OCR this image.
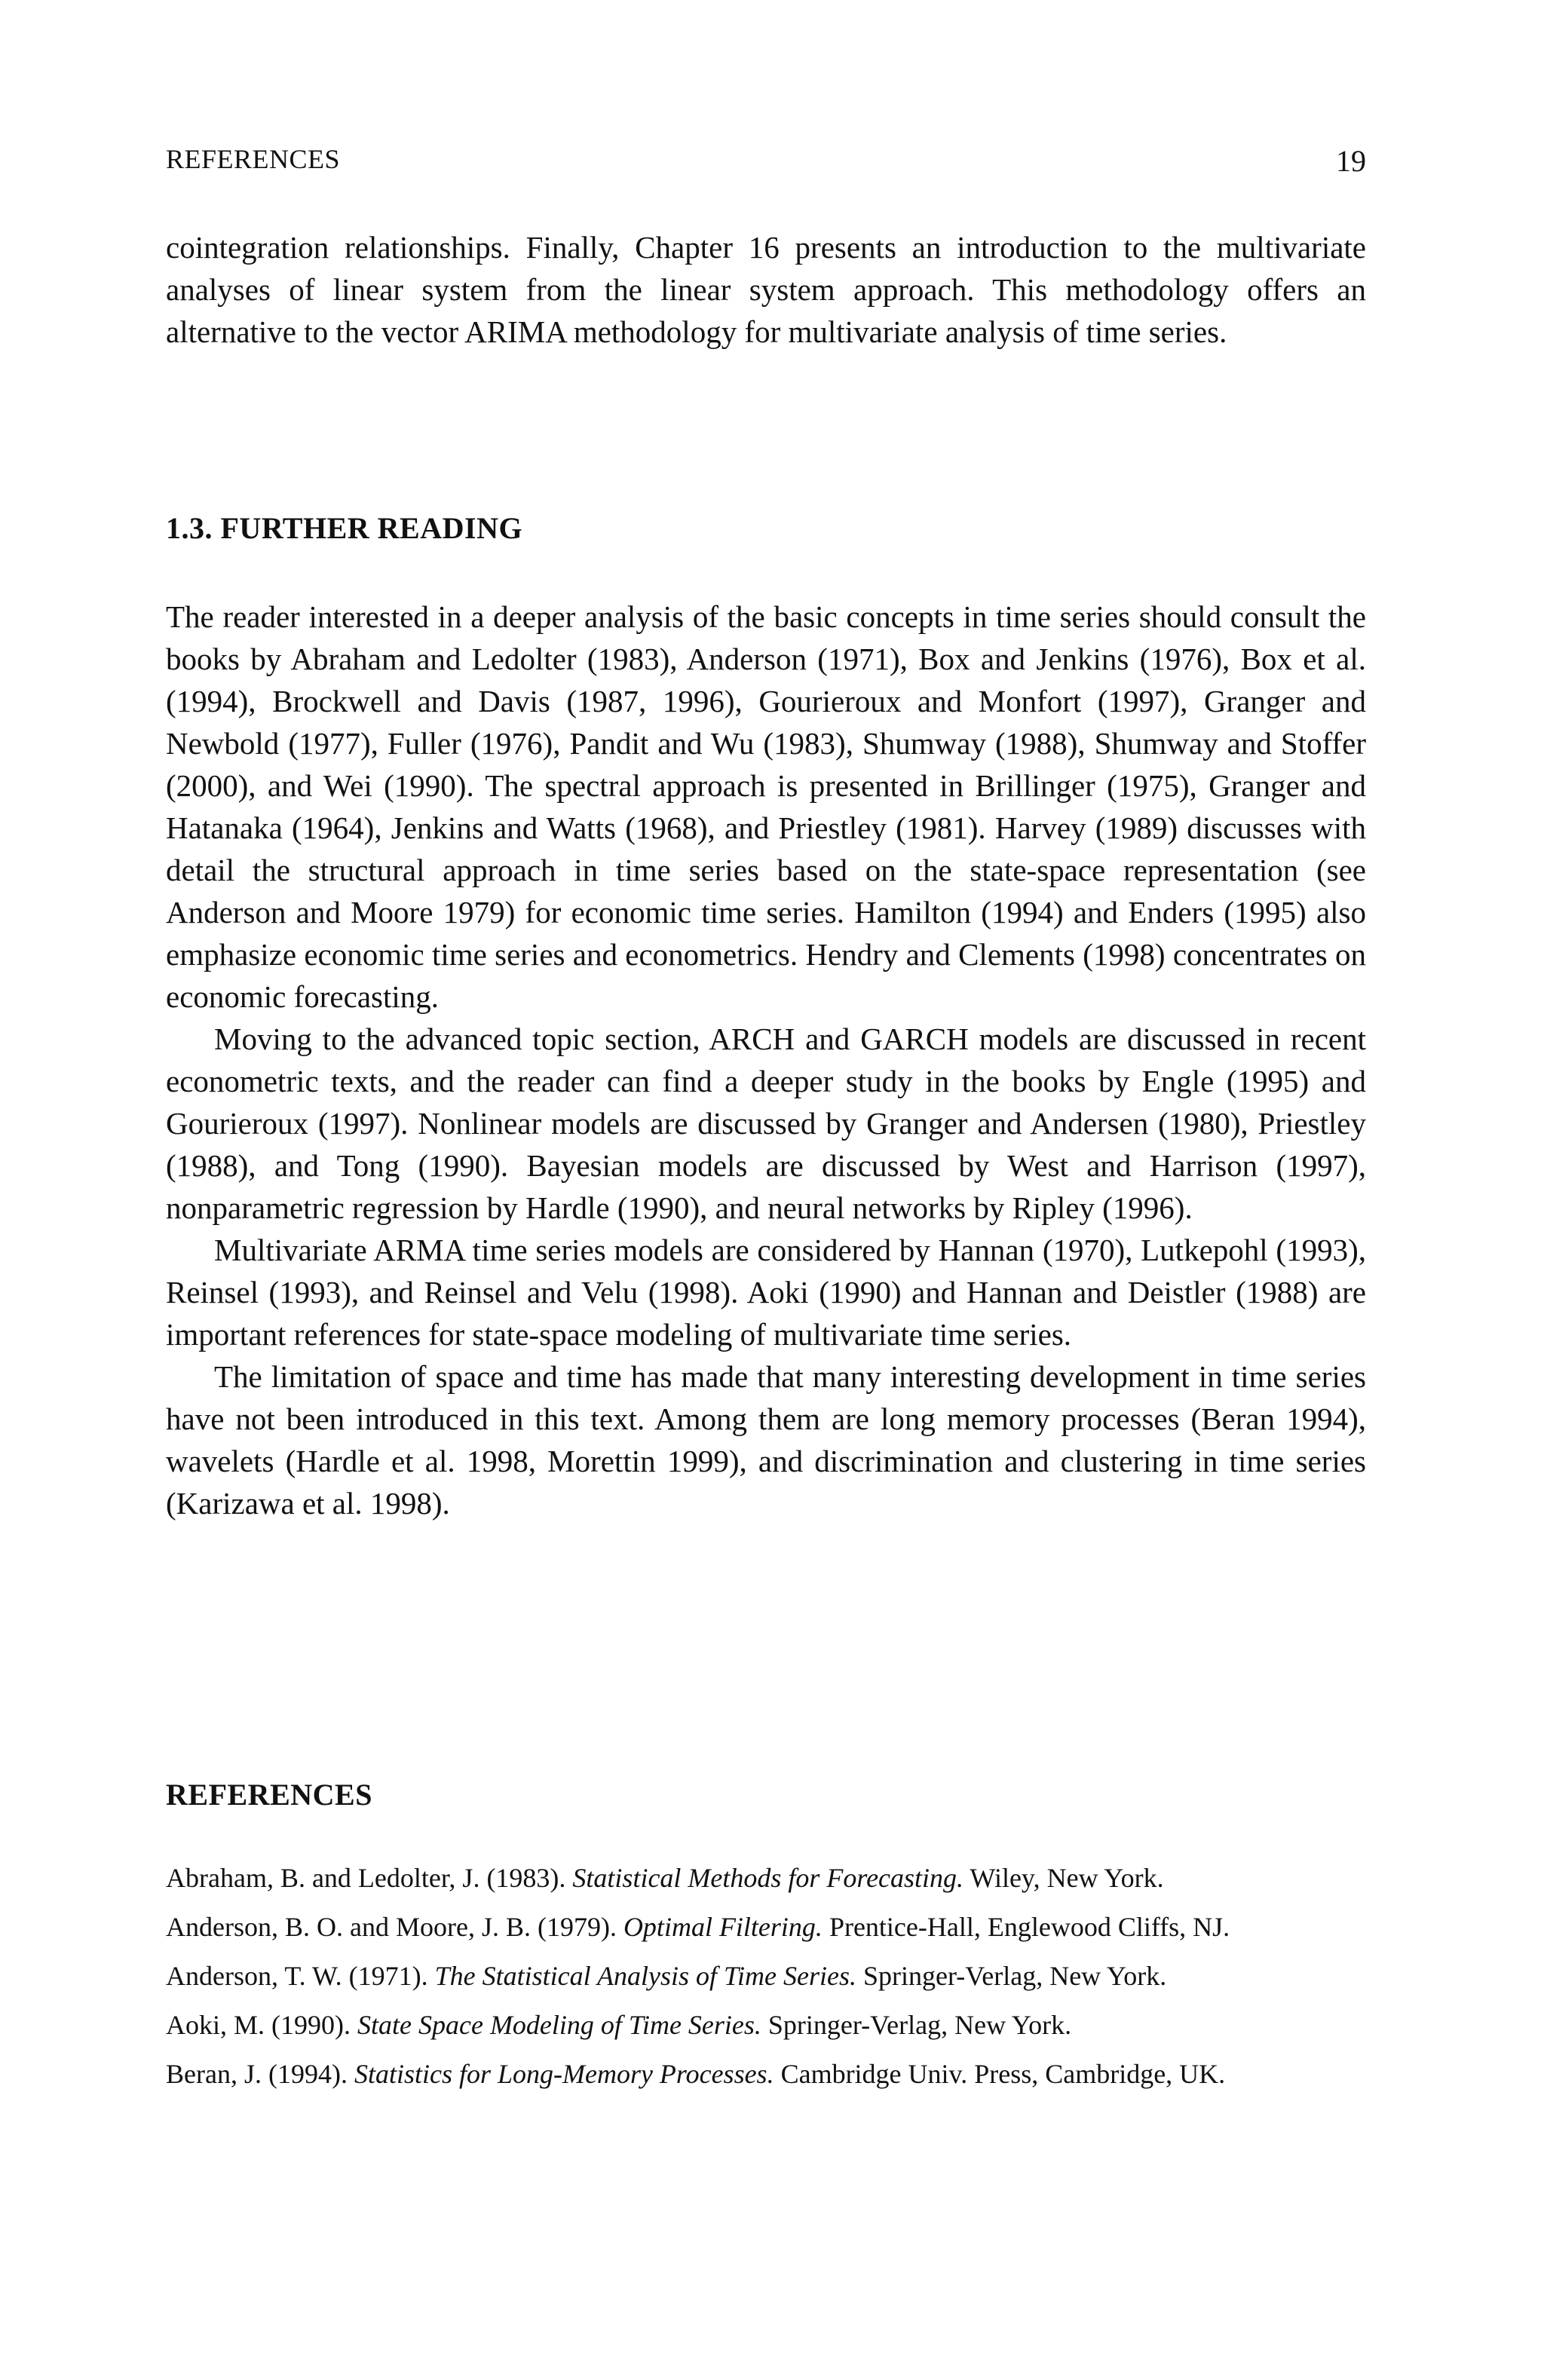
REFERENCES	19

cointegration relationships. Finally, Chapter 16 presents an introduction to the multivariate analyses of linear system from the linear system approach. This methodology offers an alternative to the vector ARIMA methodology for multivariate analysis of time series.

1.3. FURTHER READING

The reader interested in a deeper analysis of the basic concepts in time series should consult the books by Abraham and Ledolter (1983), Anderson (1971), Box and Jenkins (1976), Box et al. (1994), Brockwell and Davis (1987, 1996), Gourieroux and Monfort (1997), Granger and Newbold (1977), Fuller (1976), Pandit and Wu (1983), Shumway (1988), Shumway and Stoffer (2000), and Wei (1990). The spectral approach is presented in Brillinger (1975), Granger and Hatanaka (1964), Jenkins and Watts (1968), and Priestley (1981). Harvey (1989) discusses with detail the structural approach in time series based on the state-space representation (see Anderson and Moore 1979) for economic time series. Hamilton (1994) and Enders (1995) also emphasize economic time series and econometrics. Hendry and Clements (1998) concentrates on economic forecasting.

Moving to the advanced topic section, ARCH and GARCH models are discussed in recent econometric texts, and the reader can find a deeper study in the books by Engle (1995) and Gourieroux (1997). Nonlinear models are discussed by Granger and Andersen (1980), Priestley (1988), and Tong (1990). Bayesian models are discussed by West and Harrison (1997), nonparametric regression by Hardle (1990), and neural networks by Ripley (1996).

Multivariate ARMA time series models are considered by Hannan (1970), Lutkepohl (1993), Reinsel (1993), and Reinsel and Velu (1998). Aoki (1990) and Hannan and Deistler (1988) are important references for state-space modeling of multivariate time series.

The limitation of space and time has made that many interesting development in time series have not been introduced in this text. Among them are long memory processes (Beran 1994), wavelets (Hardle et al. 1998, Morettin 1999), and discrimination and clustering in time series (Karizawa et al. 1998).

REFERENCES
Abraham, B. and Ledolter, J. (1983). Statistical Methods for Forecasting. Wiley, New York.
Anderson, B. O. and Moore, J. B. (1979). Optimal Filtering. Prentice-Hall, Englewood Cliffs, NJ.
Anderson, T. W. (1971). The Statistical Analysis of Time Series. Springer-Verlag, New York.
Aoki, M. (1990). State Space Modeling of Time Series. Springer-Verlag, New York.
Beran, J. (1994). Statistics for Long-Memory Processes. Cambridge Univ. Press, Cambridge, UK.
